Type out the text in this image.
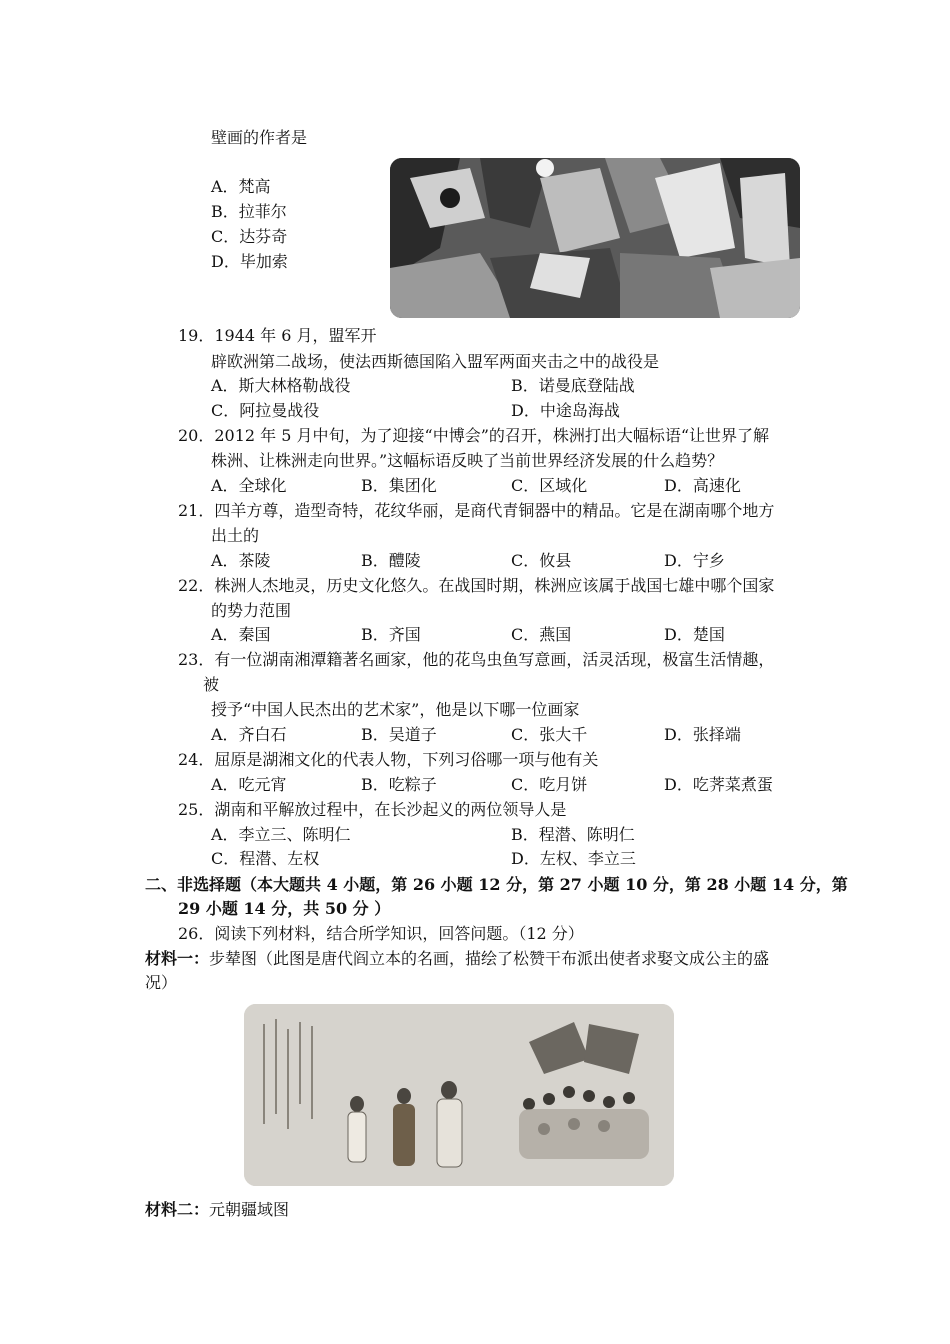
壁画的作者是
A．梵高
B．拉菲尔
C．达芬奇
D．毕加索
19．1944 年 6 月，盟军开
辟欧洲第二战场，使法西斯德国陷入盟军两面夹击之中的战役是
A．斯大林格勒战役	B．诺曼底登陆战
C．阿拉曼战役	D．中途岛海战
20．2012 年 5 月中旬，为了迎接“中博会”的召开，株洲打出大幅标语“让世界了解
株洲、让株洲走向世界。”这幅标语反映了当前世界经济发展的什么趋势？
A．全球化	B．集团化	C．区域化	D．高速化
21．四羊方尊，造型奇特，花纹华丽，是商代青铜器中的精品。它是在湖南哪个地方
出土的
A．茶陵	B．醴陵	C．攸县	D．宁乡
22．株洲人杰地灵，历史文化悠久。在战国时期，株洲应该属于战国七雄中哪个国家
的势力范围
A．秦国	B．齐国	C．燕国	D．楚国
23．有一位湖南湘潭籍著名画家，他的花鸟虫鱼写意画，活灵活现，极富生活情趣，
被
授予“中国人民杰出的艺术家”，他是以下哪一位画家
A．齐白石	B．吴道子	C．张大千	D．张择端
24．屈原是湖湘文化的代表人物，下列习俗哪一项与他有关
A．吃元宵	B．吃粽子	C．吃月饼	D．吃荠菜煮蛋
25．湖南和平解放过程中，在长沙起义的两位领导人是
A．李立三、陈明仁	B．程潜、陈明仁
C．程潜、左权	D．左权、李立三
二、非选择题（本大题共 4 小题，第 26 小题 12 分，第 27 小题 10 分，第 28 小题 14 分，第
29 小题 14 分，共 50 分 ）
26．阅读下列材料，结合所学知识，回答问题。（12 分）
材料一：步辇图（此图是唐代阎立本的名画，描绘了松赞干布派出使者求娶文成公主的盛
况）
材料二：元朝疆域图
